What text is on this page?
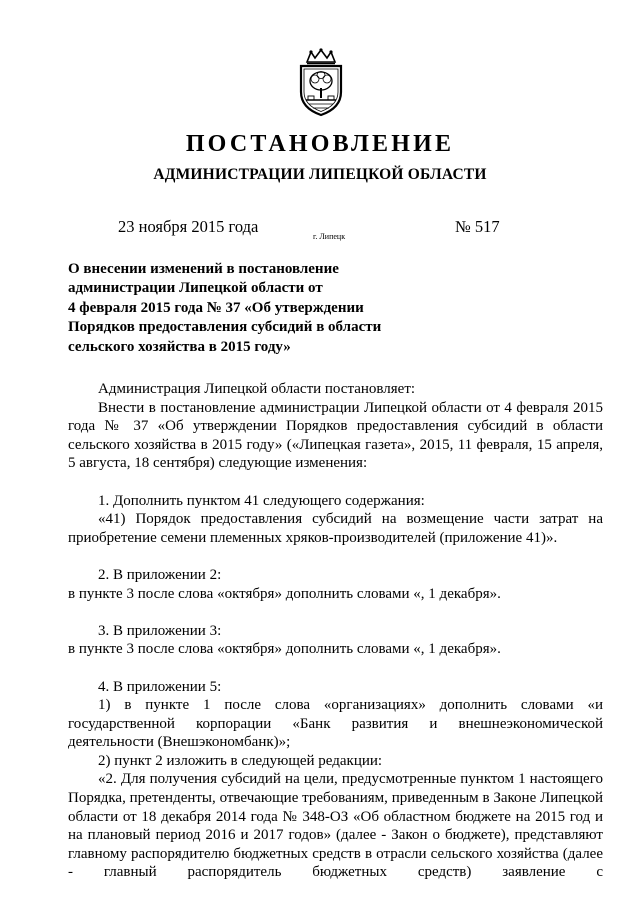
ПОСТАНОВЛЕНИЕ
АДМИНИСТРАЦИИ ЛИПЕЦКОЙ ОБЛАСТИ
23 ноября 2015 года
г. Липецк
№ 517
О внесении изменений в постановление
администрации Липецкой области от
4 февраля 2015 года № 37 «Об утверждении
Порядков предоставления субсидий в области
сельского хозяйства в 2015 году»

Администрация Липецкой области постановляет:

Внести в постановление администрации Липецкой области от 4 февраля 2015 года № 37 «Об утверждении Порядков предоставления субсидий в области сельского хозяйства в 2015 году» («Липецкая газета», 2015, 11 февраля, 15 апреля, 5 августа, 18 сентября) следующие изменения:

1. Дополнить пунктом 41 следующего содержания:

«41) Порядок предоставления субсидий на возмещение части затрат на приобретение семени племенных хряков-производителей (приложение 41)».

2. В приложении 2:

в пункте 3 после слова «октября» дополнить словами «, 1 декабря».

3. В приложении 3:

в пункте 3 после слова «октября» дополнить словами «, 1 декабря».

4. В приложении 5:

1) в пункте 1 после слова «организациях» дополнить словами «и государственной корпорации «Банк развития и внешнеэкономической деятельности (Внешэкономбанк)»;

2) пункт 2 изложить в следующей редакции:

«2. Для получения субсидий на цели, предусмотренные пунктом 1 настоящего Порядка, претенденты, отвечающие требованиям, приведенным в Законе Липецкой области от 18 декабря 2014 года № 348-ОЗ «Об областном бюджете на 2015 год и на плановый период 2016 и 2017 годов» (далее - Закон о бюджете), представляют главному распорядителю бюджетных средств в отрасли сельского хозяйства (далее - главный распорядитель бюджетных средств) заявление с
